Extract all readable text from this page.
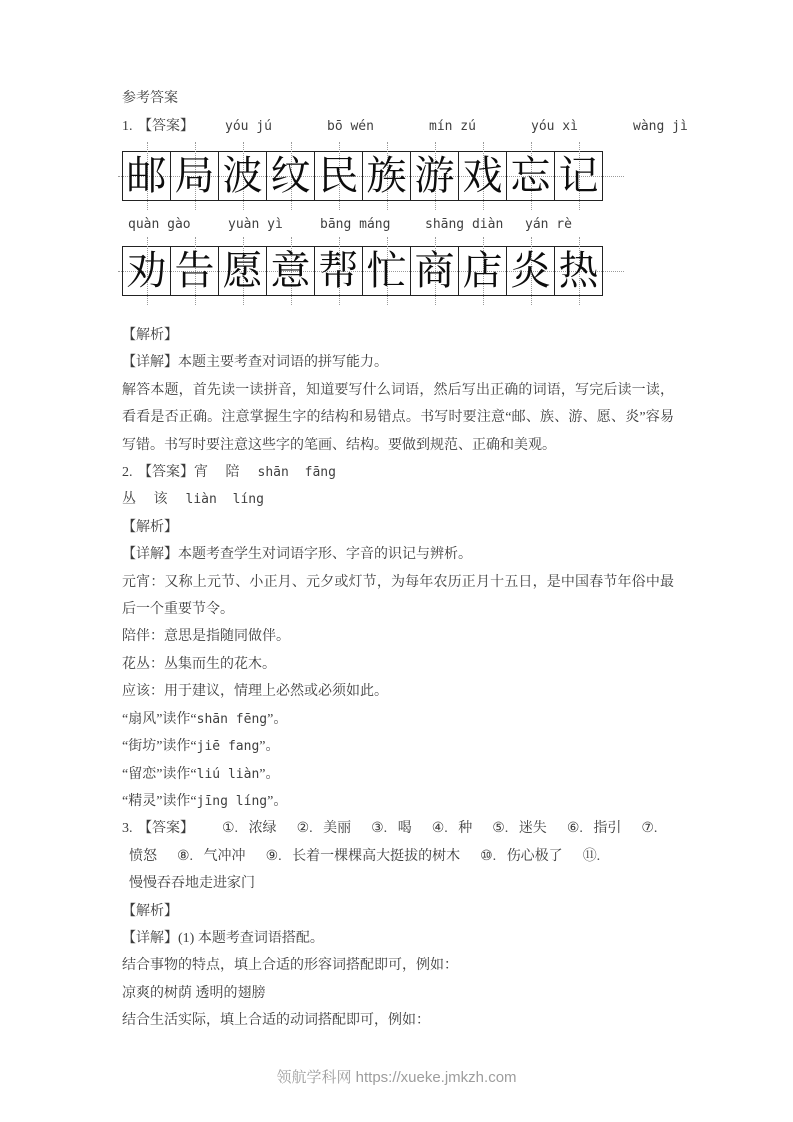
参考答案

1. 【答案】 yóu jú	bō wén	mín zú	yóu xì	wàng jì
邮 局 波 纹 民 族 游 戏 忘 记
quàn gào	yuàn yì	bāng máng	shāng diàn	yán rè
劝 告 愿 意 帮 忙 商 店 炎 热

【解析】

【详解】本题主要考查对词语的拼写能力。

解答本题，首先读一读拼音，知道要写什么词语，然后写出正确的词语，写完后读一读，看看是否正确。注意掌握生字的结构和易错点。书写时要注意“邮、族、游、愿、炎”容易写错。书写时要注意这些字的笔画、结构。要做到规范、正确和美观。

2. 【答案】宵 陪 shān fāng

丛 该 liàn líng

【解析】

【详解】本题考查学生对词语字形、字音的识记与辨析。

元宵：又称上元节、小正月、元夕或灯节，为每年农历正月十五日，是中国春节年俗中最后一个重要节令。

陪伴：意思是指随同做伴。

花丛：丛集而生的花木。

应该：用于建议，情理上必然或必须如此。

“扇风”读作“shān fēng”。

“街坊”读作“jiē fang”。

“留恋”读作“liú liàn”。

“精灵”读作“jīng líng”。

3. 【答案】 ①. 浓绿 ②. 美丽 ③. 喝 ④. 种 ⑤. 迷失 ⑥. 指引 ⑦. 愤怒 ⑧. 气冲冲 ⑨. 长着一棵棵高大挺拔的树木 ⑩. 伤心极了 ⑪. 慢慢吞吞地走进家门

【解析】

【详解】(1) 本题考查词语搭配。

结合事物的特点，填上合适的形容词搭配即可，例如：

凉爽的树荫 透明的翅膀

结合生活实际，填上合适的动词搭配即可，例如：

领航学科网 https://xueke.jmkzh.com
